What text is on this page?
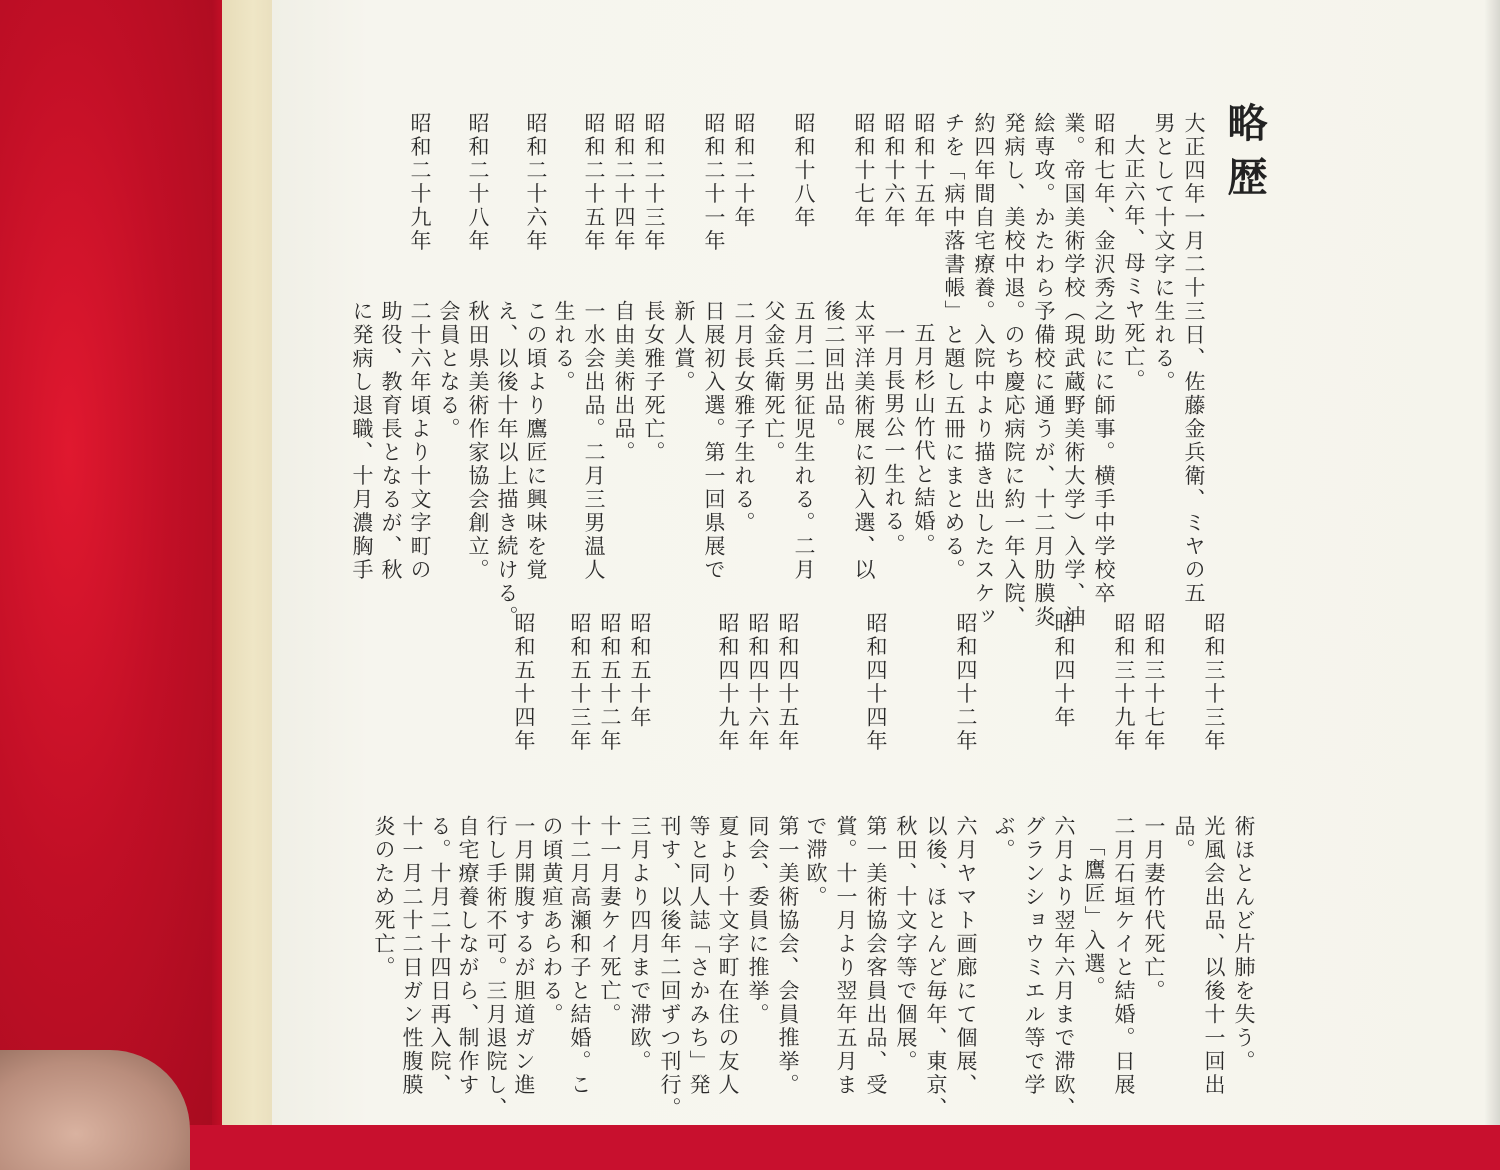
略歴
大正四年一月二十三日、佐藤金兵衛、ミヤの五
男として十文字に生れる。
大正六年、母ミヤ死亡。
昭和七年、金沢秀之助にに師事。横手中学校卒
業。帝国美術学校（現武蔵野美術大学）入学、油
絵専攻。かたわら予備校に通うが、十二月肋膜炎
発病し、美校中退。のち慶応病院に約一年入院、
約四年間自宅療養。入院中より描き出したスケッ
チを「病中落書帳」と題し五冊にまとめる。
昭和十五年
昭和十六年
昭和十七年
昭和十八年
昭和二十年
昭和二十一年
昭和二十三年
昭和二十四年
昭和二十五年
昭和二十六年
昭和二十八年
昭和二十九年
五月杉山竹代と結婚。
一月長男公一生れる。
太平洋美術展に初入選、以
後二回出品。
五月二男征児生れる。二月
父金兵衛死亡。
二月長女雅子生れる。
日展初入選。第一回県展で
新人賞。
長女雅子死亡。
自由美術出品。
一水会出品。二月三男温人
生れる。
この頃より鷹匠に興味を覚
え、以後十年以上描き続ける。
秋田県美術作家協会創立。
会員となる。
二十六年頃より十文字町の
助役、教育長となるが、秋
に発病し退職、十月濃胸手
昭和三十三年
昭和三十七年
昭和三十九年
昭和四十年
昭和四十二年
昭和四十四年
昭和四十五年
昭和四十六年
昭和四十九年
昭和五十年
昭和五十二年
昭和五十三年
昭和五十四年
術ほとんど片肺を失う。
光風会出品、以後十一回出
品。
一月妻竹代死亡。
二月石垣ケイと結婚。日展
「鷹匠」入選。
六月より翌年六月まで滞欧、
グランショウミエル等で学
ぶ。
六月ヤマト画廊にて個展、
以後、ほとんど毎年、東京、
秋田、十文字等で個展。
第一美術協会客員出品、受
賞。十一月より翌年五月ま
で滞欧。
第一美術協会、会員推挙。
同会、委員に推挙。
夏より十文字町在住の友人
等と同人誌「さかみち」発
刊す、以後年二回ずつ刊行。
三月より四月まで滞欧。
十一月妻ケイ死亡。
十二月高瀬和子と結婚。こ
の頃黄疸あらわる。
一月開腹するが胆道ガン進
行し手術不可。三月退院し、
自宅療養しながら、制作す
る。十月二十四日再入院、
十一月二十二日ガン性腹膜
炎のため死亡。
